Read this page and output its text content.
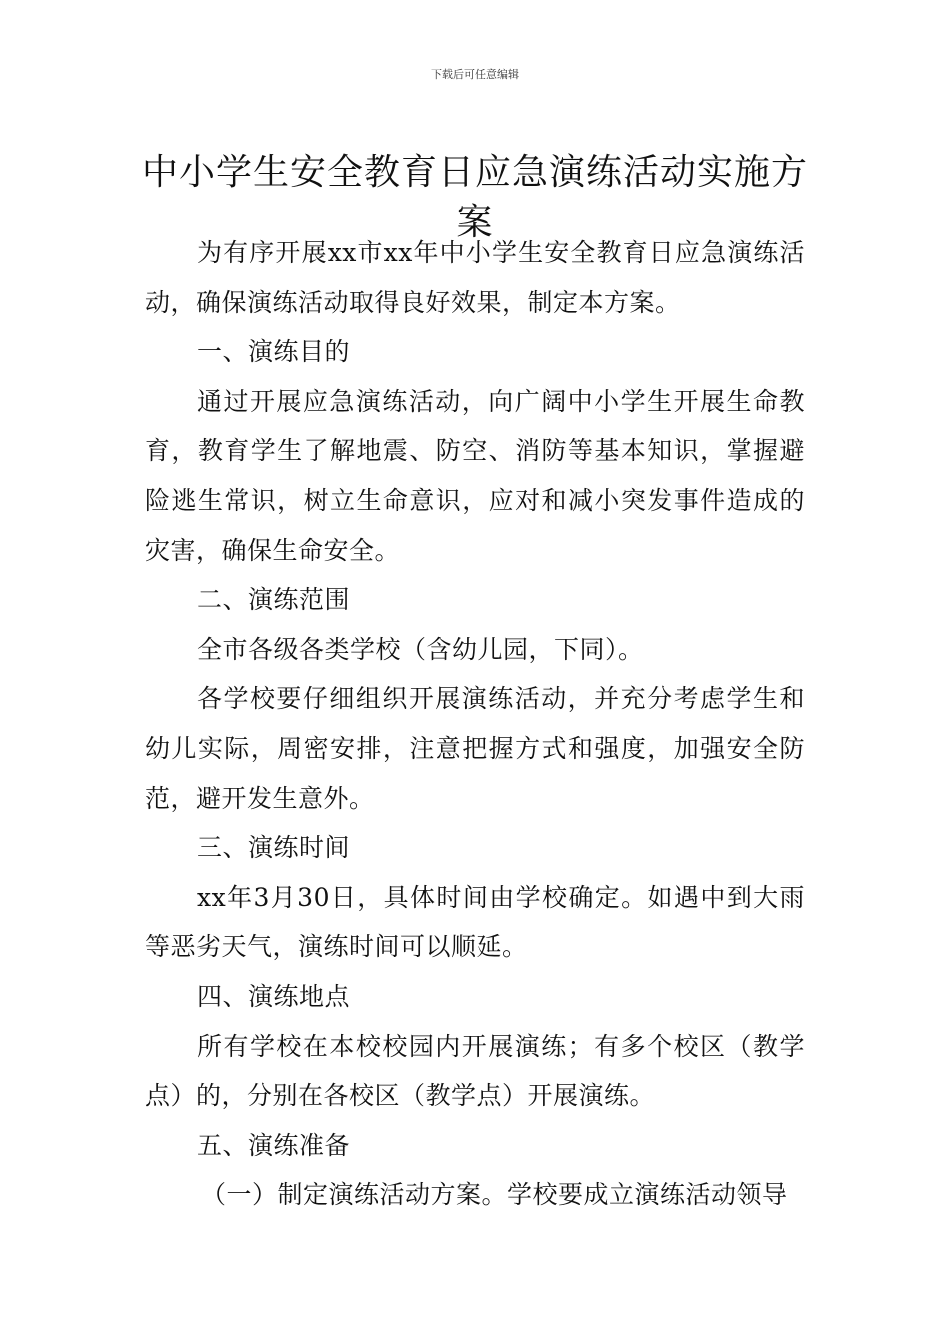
下载后可任意编辑
中小学生安全教育日应急演练活动实施方案

为有序开展xx市xx年中小学生安全教育日应急演练活动，确保演练活动取得良好效果，制定本方案。

一、演练目的

通过开展应急演练活动，向广阔中小学生开展生命教育，教育学生了解地震、防空、消防等基本知识，掌握避险逃生常识，树立生命意识，应对和减小突发事件造成的灾害，确保生命安全。

二、演练范围

全市各级各类学校（含幼儿园，下同）。

各学校要仔细组织开展演练活动，并充分考虑学生和幼儿实际，周密安排，注意把握方式和强度，加强安全防范，避开发生意外。

三、演练时间

xx年3月30日，具体时间由学校确定。如遇中到大雨等恶劣天气，演练时间可以顺延。

四、演练地点

所有学校在本校校园内开展演练；有多个校区（教学点）的，分别在各校区（教学点）开展演练。

五、演练准备

（一）制定演练活动方案。学校要成立演练活动领导
